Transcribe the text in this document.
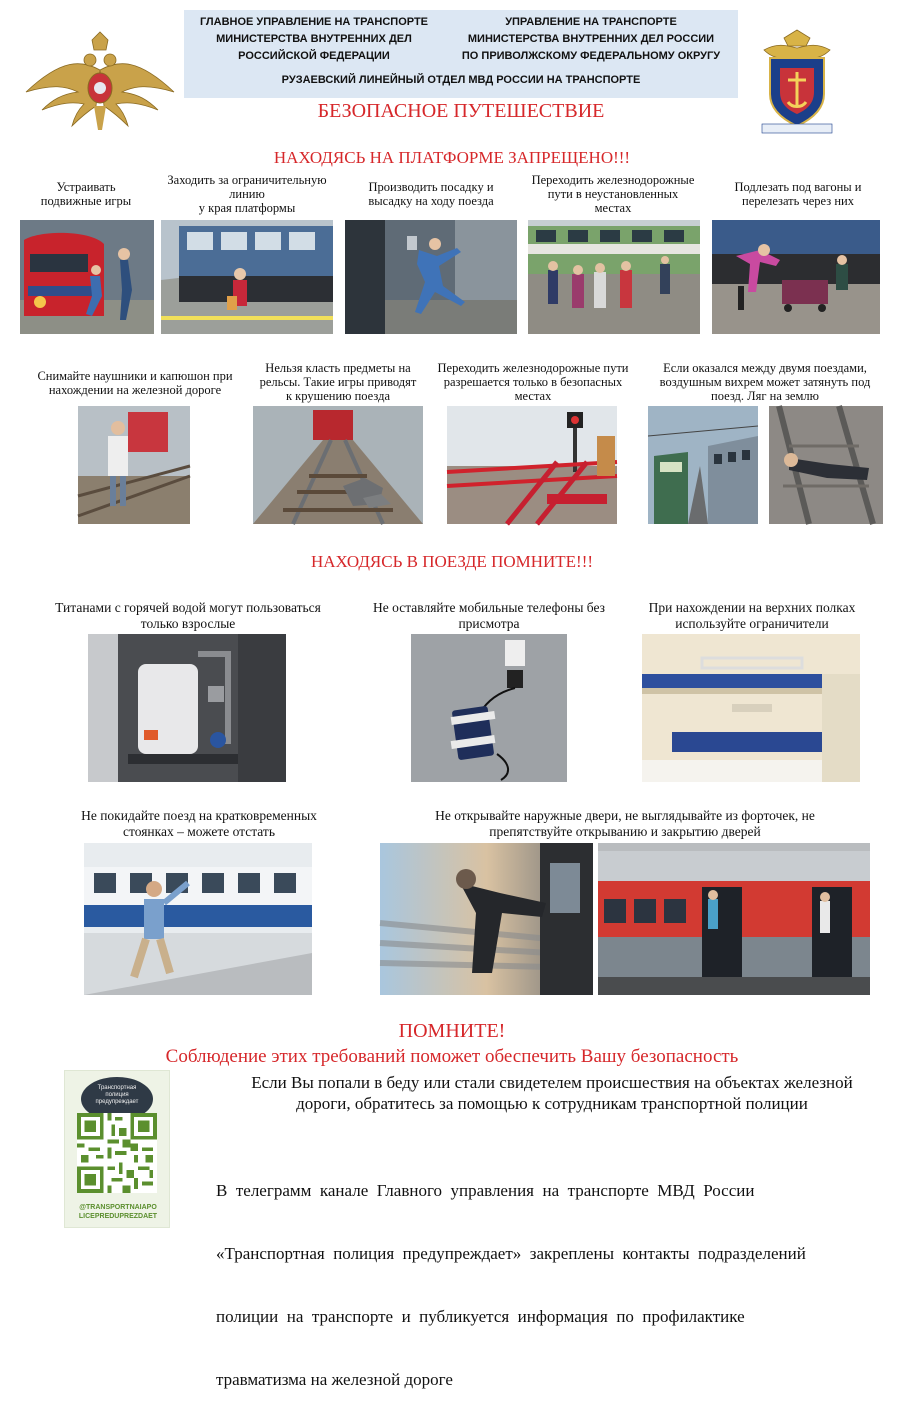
ГЛАВНОЕ УПРАВЛЕНИЕ НА ТРАНСПОРТЕ
МИНИСТЕРСТВА ВНУТРЕННИХ ДЕЛ
РОССИЙСКОЙ ФЕДЕРАЦИИ
УПРАВЛЕНИЕ НА ТРАНСПОРТЕ
МИНИСТЕРСТВА ВНУТРЕННИХ ДЕЛ РОССИИ
ПО ПРИВОЛЖСКОМУ ФЕДЕРАЛЬНОМУ ОКРУГУ
РУЗАЕВСКИЙ ЛИНЕЙНЫЙ ОТДЕЛ МВД РОССИИ НА ТРАНСПОРТЕ
БЕЗОПАСНОЕ ПУТЕШЕСТВИЕ
НАХОДЯСЬ НА ПЛАТФОРМЕ ЗАПРЕЩЕНО!!!
Устраивать
подвижные игры
Заходить за ограничительную
линию
у края платформы
Производить посадку и
высадку на ходу поезда
Переходить железнодорожные
пути в неустановленных
местах
Подлезать под вагоны и
перелезать через них
Снимайте наушники и капюшон при
нахождении на железной дороге
Нельзя класть предметы на
рельсы. Такие игры приводят
к крушению поезда
Переходить железнодорожные пути
разрешается только в безопасных
местах
Если оказался между двумя поездами,
воздушным вихрем может затянуть под
поезд. Ляг на землю
НАХОДЯСЬ В ПОЕЗДЕ ПОМНИТЕ!!!
Титанами с горячей водой могут пользоваться
только взрослые
Не оставляйте мобильные телефоны без
присмотра
При нахождении на верхних полках
используйте ограничители
Не покидайте поезд на кратковременных
стоянках – можете отстать
Не открывайте наружные двери, не выглядывайте из форточек, не
препятствуйте открыванию и закрытию дверей
ПОМНИТЕ!
Соблюдение этих требований поможет обеспечить Вашу безопасность
Транспортная
полиция
предупреждает
@TRANSPORTNAIAPO
LICEPREDUPREZDAET
Если Вы попали в беду или стали свидетелем происшествия на объектах железной
дороги, обратитесь за помощью к сотрудникам транспортной полиции

В  телеграмм  канале  Главного  управления  на  транспорте  МВД  России

«Транспортная  полиция  предупреждает»  закреплены  контакты  подразделений

полиции  на  транспорте  и  публикуется  информация  по  профилактике

травматизма на железной дороге
